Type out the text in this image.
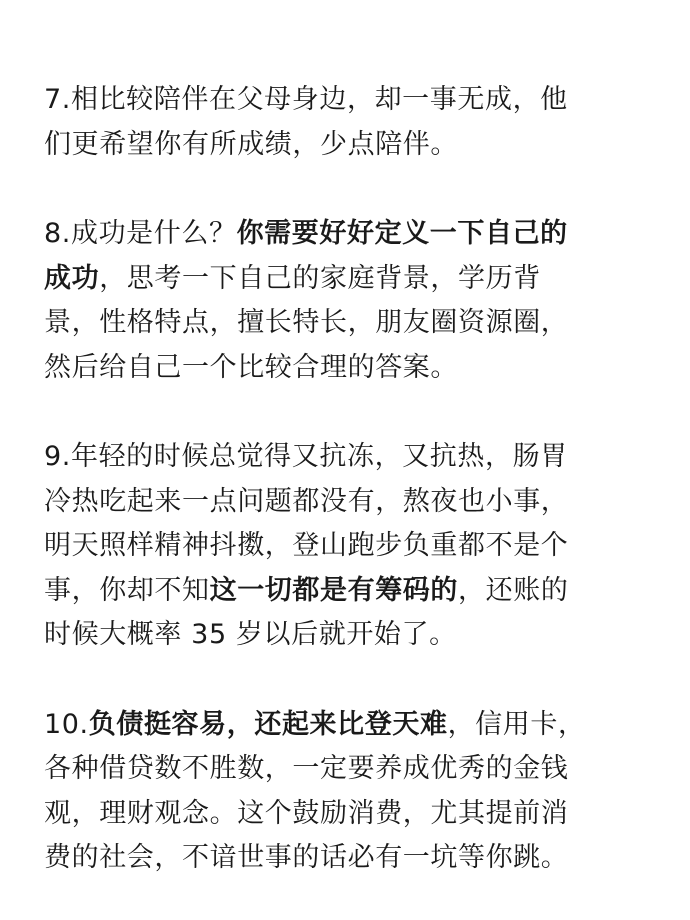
7.相比较陪伴在父母身边，却一事无成，他
们更希望你有所成绩，少点陪伴。
8.成功是什么？你需要好好定义一下自己的
成功，思考一下自己的家庭背景，学历背
景，性格特点，擅长特长，朋友圈资源圈，
然后给自己一个比较合理的答案。
9.年轻的时候总觉得又抗冻，又抗热，肠胃
冷热吃起来一点问题都没有，熬夜也小事，
明天照样精神抖擞，登山跑步负重都不是个
事，你却不知这一切都是有筹码的，还账的
时候大概率 35 岁以后就开始了。
10.负债挺容易，还起来比登天难，信用卡，
各种借贷数不胜数，一定要养成优秀的金钱
观，理财观念。这个鼓励消费，尤其提前消
费的社会，不谙世事的话必有一坑等你跳。
